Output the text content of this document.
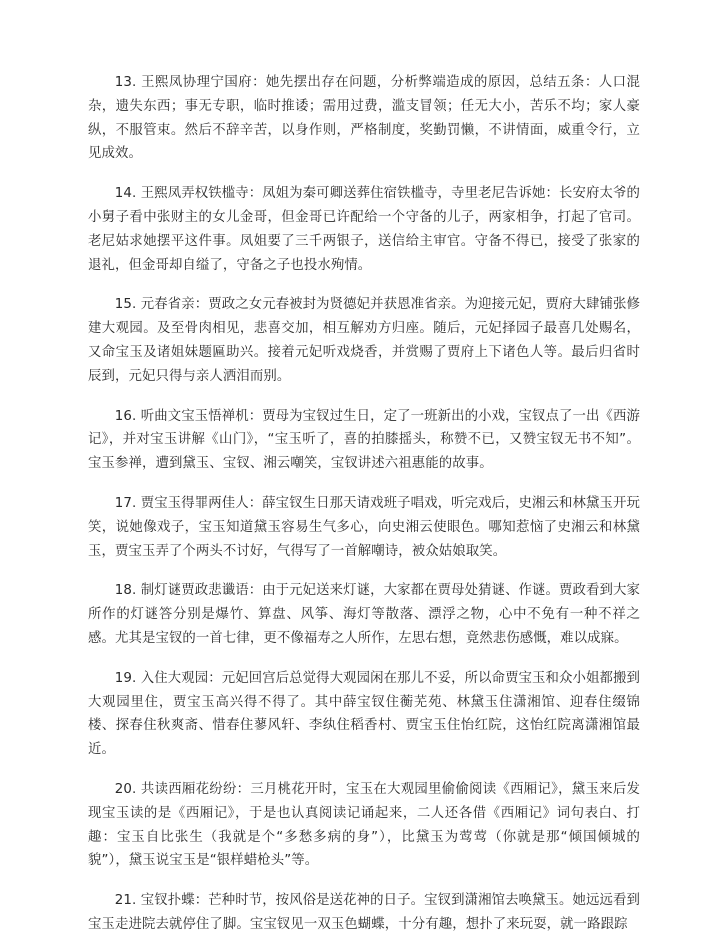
13. 王熙凤协理宁国府：她先摆出存在问题，分析弊端造成的原因，总结五条：人口混杂，遗失东西；事无专职，临时推诿；需用过费，滥支冒领；任无大小，苦乐不均；家人豪纵，不服管束。然后不辞辛苦，以身作则，严格制度，奖勤罚懒，不讲情面，威重令行，立见成效。

14. 王熙凤弄权铁槛寺：凤姐为秦可卿送葬住宿铁槛寺，寺里老尼告诉她：长安府太爷的小舅子看中张财主的女儿金哥，但金哥已许配给一个守备的儿子，两家相争，打起了官司。老尼姑求她摆平这件事。凤姐要了三千两银子，送信给主审官。守备不得已，接受了张家的退礼，但金哥却自缢了，守备之子也投水殉情。

15. 元春省亲：贾政之女元春被封为贤德妃并获恩准省亲。为迎接元妃，贾府大肆铺张修建大观园。及至骨肉相见，悲喜交加，相互解劝方归座。随后，元妃择园子最喜几处赐名，又命宝玉及诸姐妹题匾助兴。接着元妃听戏烧香，并赏赐了贾府上下诸色人等。最后归省时辰到，元妃只得与亲人洒泪而别。

16. 听曲文宝玉悟禅机：贾母为宝钗过生日，定了一班新出的小戏，宝钗点了一出《西游记》，并对宝玉讲解《山门》，“宝玉听了，喜的拍膝摇头，称赞不已，又赞宝钗无书不知”。宝玉参禅，遭到黛玉、宝钗、湘云嘲笑，宝钗讲述六祖惠能的故事。

17. 贾宝玉得罪两佳人：薛宝钗生日那天请戏班子唱戏，听完戏后，史湘云和林黛玉开玩笑，说她像戏子，宝玉知道黛玉容易生气多心，向史湘云使眼色。哪知惹恼了史湘云和林黛玉，贾宝玉弄了个两头不讨好，气得写了一首解嘲诗，被众姑娘取笑。

18. 制灯谜贾政悲谶语：由于元妃送来灯谜，大家都在贾母处猜谜、作谜。贾政看到大家所作的灯谜答分别是爆竹、算盘、风筝、海灯等散落、漂浮之物，心中不免有一种不祥之感。尤其是宝钗的一首七律，更不像福寿之人所作，左思右想，竟然悲伤感慨，难以成寐。

19. 入住大观园：元妃回宫后总觉得大观园闲在那儿不妥，所以命贾宝玉和众小姐都搬到大观园里住，贾宝玉高兴得不得了。其中薛宝钗住蘅芜苑、林黛玉住潇湘馆、迎春住缀锦楼、探春住秋爽斋、惜春住蓼风轩、李纨住稻香村、贾宝玉住怡红院，这怡红院离潇湘馆最近。

20. 共读西厢花纷纷：三月桃花开时，宝玉在大观园里偷偷阅读《西厢记》，黛玉来后发现宝玉读的是《西厢记》，于是也认真阅读记诵起来，二人还各借《西厢记》词句表白、打趣：宝玉自比张生（我就是个“多愁多病的身”），比黛玉为莺莺（你就是那“倾国倾城的貌”），黛玉说宝玉是“银样蜡枪头”等。

21. 宝钗扑蝶：芒种时节，按风俗是送花神的日子。宝钗到潇湘馆去唤黛玉。她远远看到宝玉走进院去就停住了脚。宝宝钗见一双玉色蝴蝶，十分有趣，想扑了来玩耍，就一路跟踪
